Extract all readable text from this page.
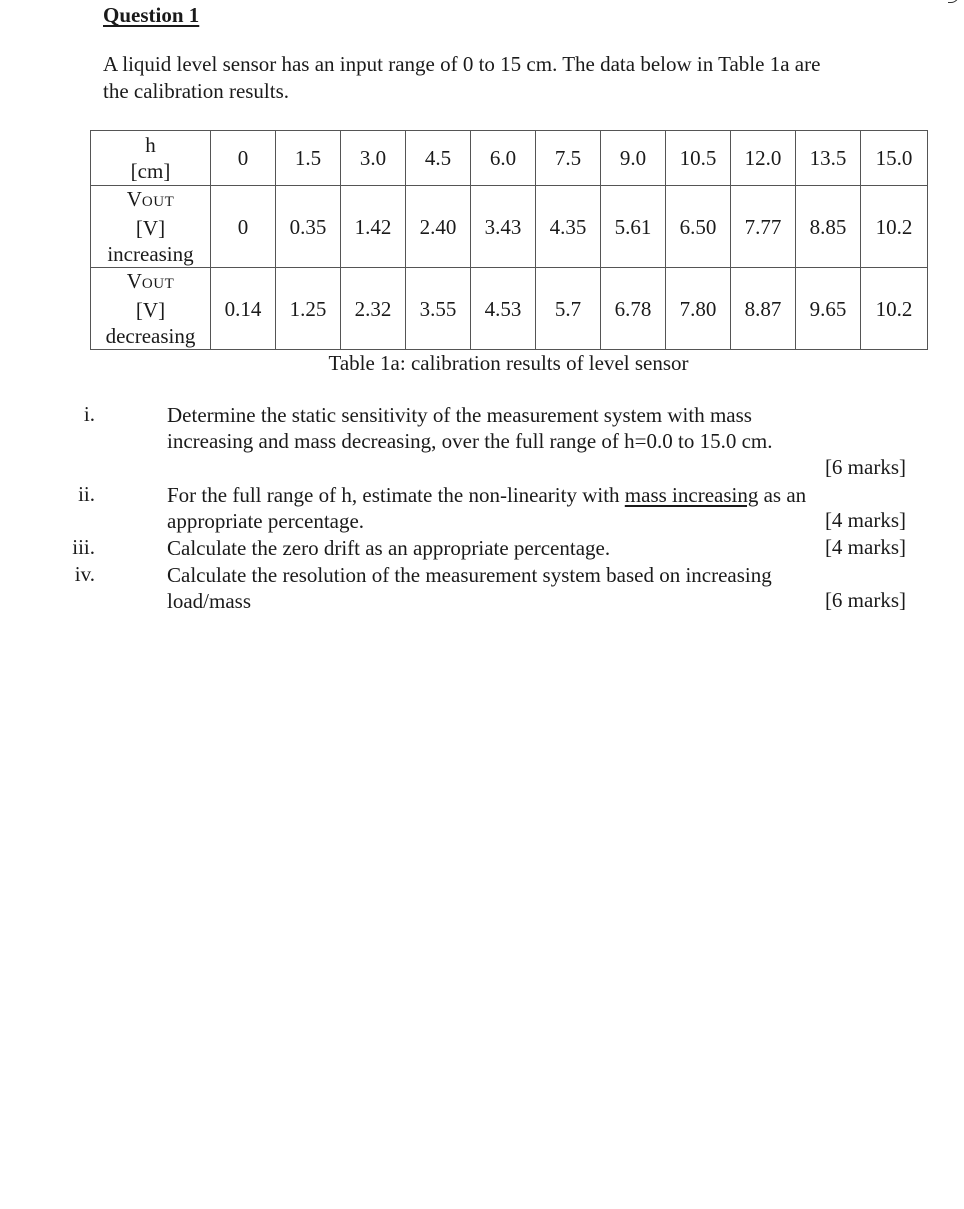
Question 1
A liquid level sensor has an input range of 0 to 15 cm. The data below in Table 1a are
the calibration results.
h
[cm]	0	1.5	3.0	4.5	6.0	7.5	9.0	10.5	12.0	13.5	15.0

VOUT
[V]
increasing	0	0.35	1.42	2.40	3.43	4.35	5.61	6.50	7.77	8.85	10.2

VOUT
[V]
decreasing	0.14	1.25	2.32	3.55	4.53	5.7	6.78	7.80	8.87	9.65	10.2
Table 1a: calibration results of level sensor
i.	Determine the static sensitivity of the measurement system with mass
increasing and mass decreasing, over the full range of h=0.0 to 15.0 cm.
[6 marks]
ii.	For the full range of h, estimate the non-linearity with mass increasing as an
appropriate percentage.	[4 marks]
iii.	Calculate the zero drift as an appropriate percentage.	[4 marks]
iv.	Calculate the resolution of the measurement system based on increasing
load/mass	[6 marks]
